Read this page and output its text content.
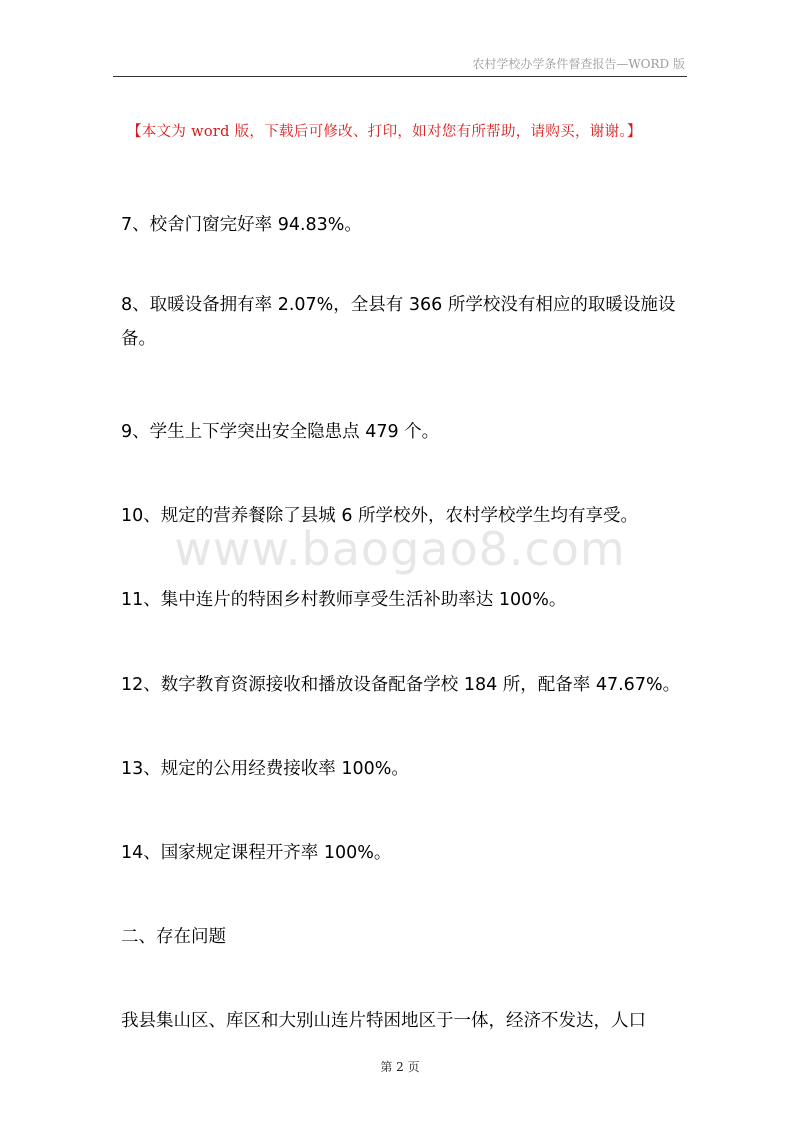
农村学校办学条件督查报告—WORD 版
【本文为 word 版，下载后可修改、打印，如对您有所帮助，请购买，谢谢。】
www.baogao8.com
7、校舍门窗完好率 94.83%。
8、取暖设备拥有率 2.07%，全县有 366 所学校没有相应的取暖设施设备。
9、学生上下学突出安全隐患点 479 个。
10、规定的营养餐除了县城 6 所学校外，农村学校学生均有享受。
11、集中连片的特困乡村教师享受生活补助率达 100%。
12、数字教育资源接收和播放设备配备学校 184 所，配备率 47.67%。
13、规定的公用经费接收率 100%。
14、国家规定课程开齐率 100%。
二、存在问题
我县集山区、库区和大别山连片特困地区于一体，经济不发达，人口
第 2 页
